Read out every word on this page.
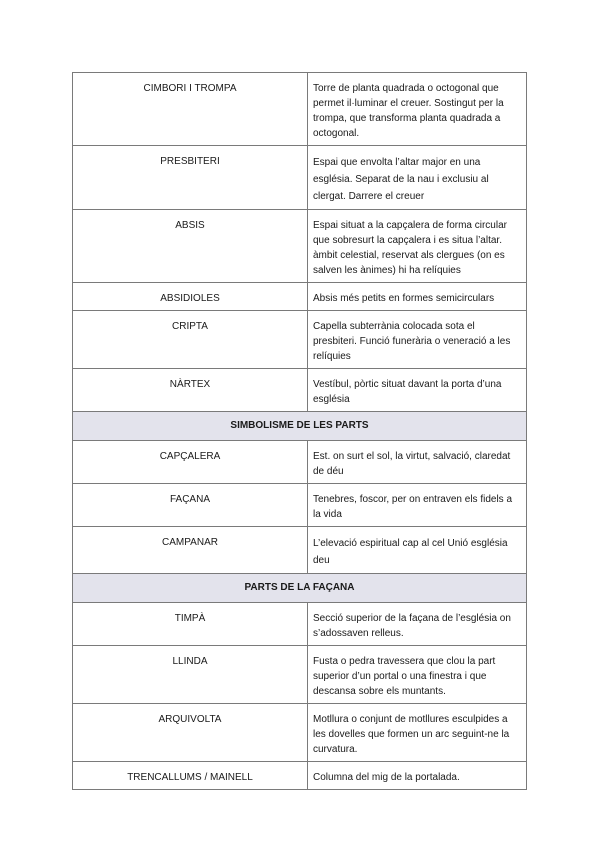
CIMBORI I TROMPA	Torre de planta quadrada o octogonal que permet il·luminar el creuer. Sostingut per la trompa, que transforma planta quadrada a octogonal.
PRESBITERI	Espai que envolta l’altar major en una església. Separat de la nau i exclusiu al clergat. Darrere el creuer
ABSIS	Espai situat a la capçalera de forma circular que sobresurt la capçalera i es situa l’altar. àmbit celestial, reservat als clergues (on es salven les ànimes) hi ha relíquies
ABSIDIOLES	Absis més petits en formes semicirculars
CRIPTA	Capella subterrània colocada sota el presbiteri. Funció funerària o veneració a les relíquies
NÀRTEX	Vestíbul, pòrtic situat davant la porta d’una església
SIMBOLISME DE LES PARTS	
CAPÇALERA	Est. on surt el sol, la virtut, salvació, claredat de déu
FAÇANA	Tenebres, foscor, per on entraven els fidels a la vida
CAMPANAR	L’elevació espiritual cap al cel Unió església deu
PARTS DE LA FAÇANA	
TIMPÀ	Secció superior de la façana de l’església on s’adossaven relleus.
LLINDA	Fusta o pedra travessera que clou la part superior d’un portal o una finestra i que descansa sobre els muntants.
ARQUIVOLTA	Motllura o conjunt de motllures esculpides a les dovelles que formen un arc seguint-ne la curvatura.
TRENCALLUMS / MAINELL	Columna del mig de la portalada.
